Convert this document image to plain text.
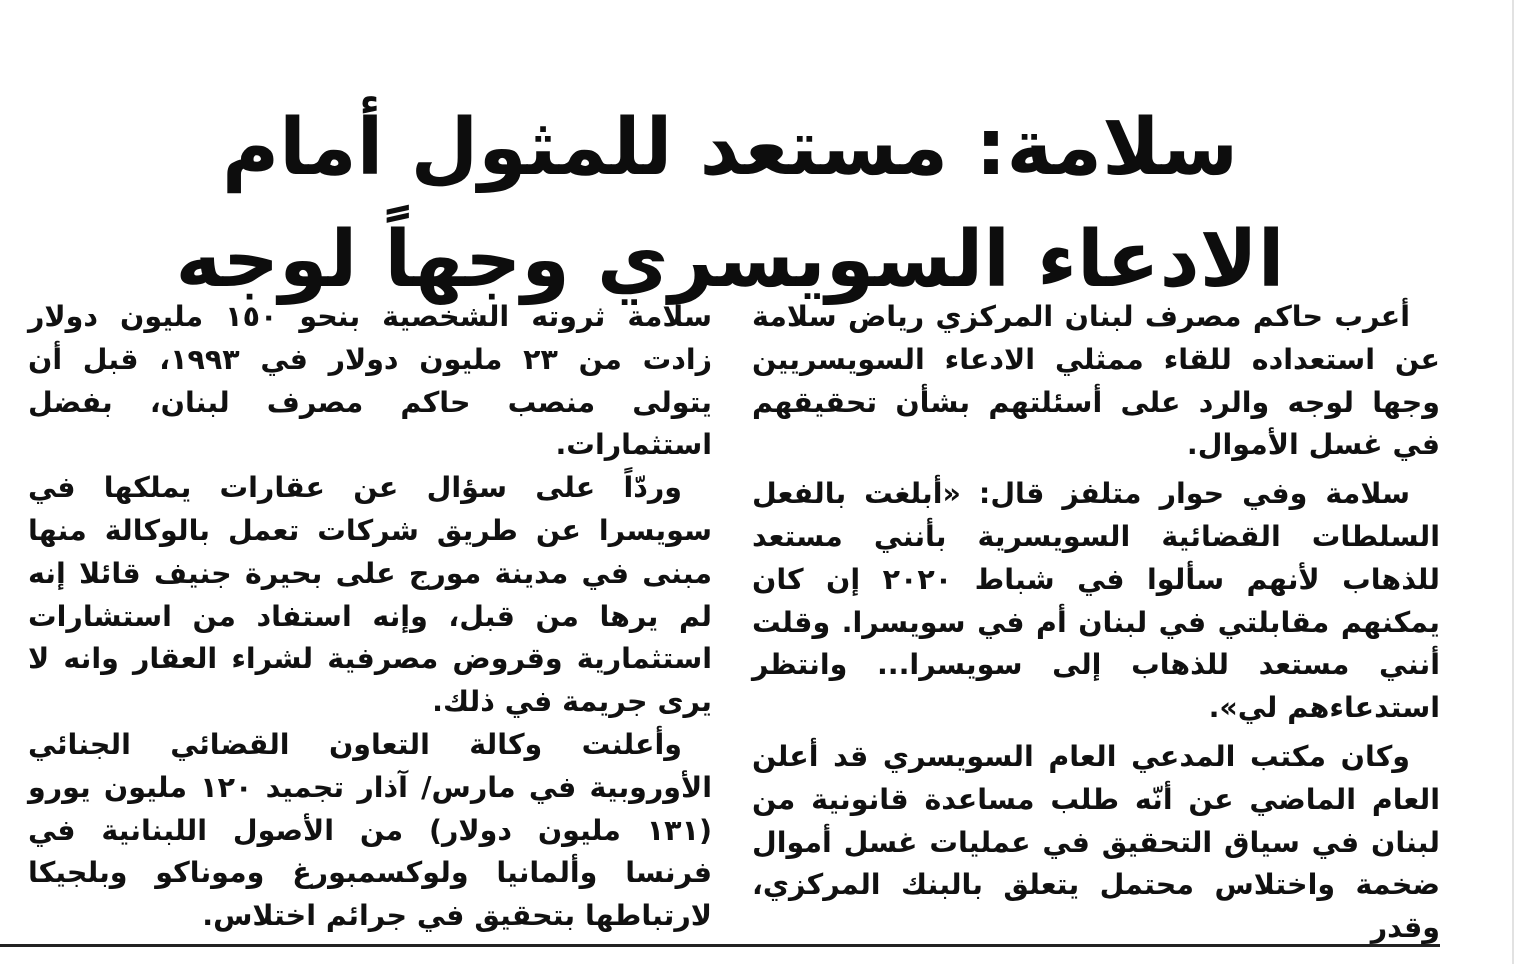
سلامة: مستعد للمثول أمام
الادعاء السويسري وجهاً لوجه

أعرب حاكم مصرف لبنان المركزي رياض سلامة عن استعداده للقاء ممثلي الادعاء السويسريين وجها لوجه والرد على أسئلتهم بشأن تحقيقهم في غسل الأموال.

سلامة وفي حوار متلفز قال: «أبلغت بالفعل السلطات القضائية السويسرية بأنني مستعد للذهاب لأنهم سألوا في شباط ٢٠٢٠ إن كان يمكنهم مقابلتي في لبنان أم في سويسرا. وقلت أنني مستعد للذهاب إلى سويسرا... وانتظر استدعاءهم لي».

وكان مكتب المدعي العام السويسري قد أعلن العام الماضي عن أنّه طلب مساعدة قانونية من لبنان في سياق التحقيق في عمليات غسل أموال ضخمة واختلاس محتمل يتعلق بالبنك المركزي، وقدر

سلامة ثروته الشخصية بنحو ١٥٠ مليون دولار زادت من ٢٣ مليون دولار في ١٩٩٣، قبل أن يتولى منصب حاكم مصرف لبنان، بفضل استثمارات.

وردّاً على سؤال عن عقارات يملكها في سويسرا عن طريق شركات تعمل بالوكالة منها مبنى في مدينة مورج على بحيرة جنيف قائلا إنه لم يرها من قبل، وإنه استفاد من استشارات استثمارية وقروض مصرفية لشراء العقار وانه لا يرى جريمة في ذلك.

وأعلنت وكالة التعاون القضائي الجنائي الأوروبية في مارس/ آذار تجميد ١٢٠ مليون يورو (١٣١ مليون دولار) من الأصول اللبنانية في فرنسا وألمانيا ولوكسمبورغ وموناكو وبلجيكا لارتباطها بتحقيق في جرائم اختلاس.
